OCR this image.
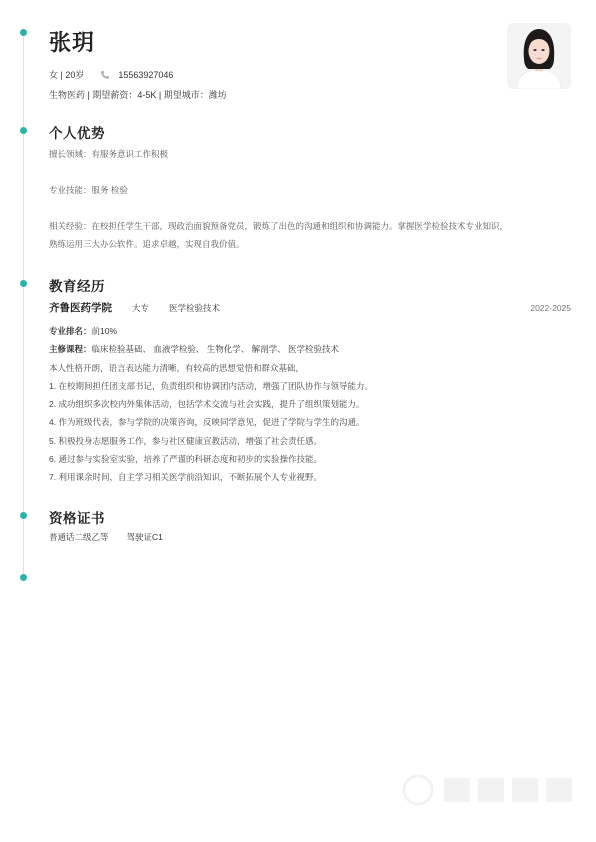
张玥
女 | 20岁	15563927046
生物医药 | 期望薪资：4-5K | 期望城市：潍坊
个人优势
擅长领域：有服务意识工作积极
专业技能：服务 检验
相关经验：在校担任学生干部，现政治面貌预备党员，锻炼了出色的沟通和组织和协调能力。掌握医学检验技术专业知识，
熟练运用三大办公软件。追求卓越，实现自我价值。
教育经历
齐鲁医药学院 大专 医学检验技术	2022-2025
专业排名：前10%
主修课程：临床检验基础、 血液学检验、 生物化学、 解剖学、 医学检验技术
本人性格开朗，语言表达能力清晰，有较高的思想觉悟和群众基础，
1. 在校期间担任团支部书记，负责组织和协调团内活动，增强了团队协作与领导能力。
2. 成功组织多次校内外集体活动，包括学术交流与社会实践，提升了组织策划能力。
4. 作为班级代表，参与学院的决策咨询，反映同学意见，促进了学院与学生的沟通。
5. 积极投身志愿服务工作，参与社区健康宣教活动，增强了社会责任感。
6. 通过参与实验室实验，培养了严谨的科研态度和初步的实验操作技能。
7. 利用课余时间，自主学习相关医学前沿知识，不断拓展个人专业视野。
资格证书
普通话二级乙等 驾驶证C1
